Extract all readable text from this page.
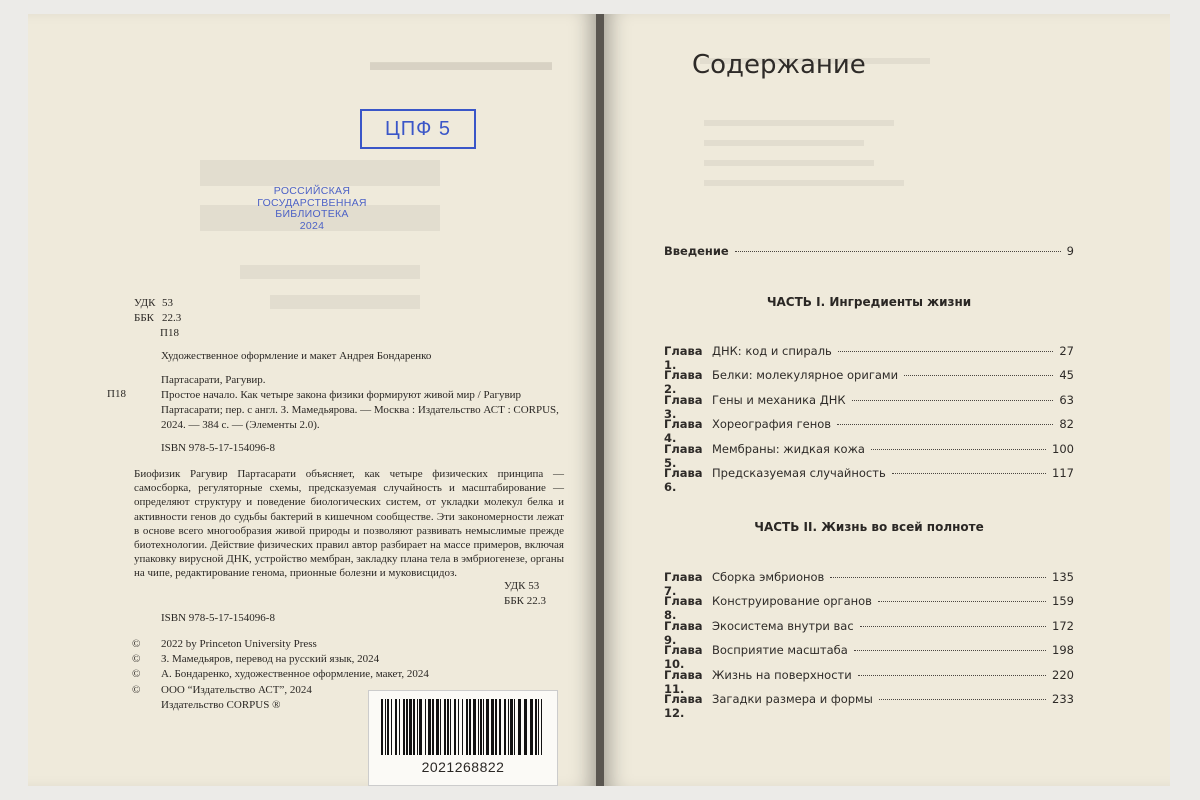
▬▬▬▬▬▬▬
ЦПФ 5
РОССИЙСКАЯ
ГОСУДАРСТВЕННАЯ
БИБЛИОТЕКА
2024
УДК 53
ББК 22.3
П18
Художественное оформление и макет Андрея Бондаренко
П18
Партасарати, Рагувир.
Простое начало. Как четыре закона физики формируют живой мир / Рагувир Партасарати; пер. с англ. З. Мамедьярова. — Москва : Издательство АСТ : CORPUS, 2024. — 384 с. — (Элементы 2.0).
ISBN 978-5-17-154096-8
Биофизик Рагувир Партасарати объясняет, как четыре физических принципа — самосборка, регуляторные схемы, предсказуемая случайность и масштабирование — определяют структуру и поведение биологических систем, от укладки молекул белка и активности генов до судьбы бактерий в кишечном сообществе. Эти закономерности лежат в основе всего многообразия живой природы и позволяют развивать немыслимые прежде биотехнологии. Действие физических правил автор разбирает на массе примеров, включая упаковку вирусной ДНК, устройство мембран, закладку плана тела в эмбриогенезе, органы на чипе, редактирование генома, прионные болезни и муковисцидоз.
УДК 53
ББК 22.3
ISBN 978-5-17-154096-8
© 2022 by Princeton University Press
© З. Мамедьяров, перевод на русский язык, 2024
© А. Бондаренко, художественное оформление, макет, 2024
© ООО “Издательство АСТ”, 2024
Издательство CORPUS ®
2021268822
Содержание
Введение	9
ЧАСТЬ I. Ингредиенты жизни
Глава 1.
ДНК: код и спираль	27
Глава 2.
Белки: молекулярное оригами	45
Глава 3.
Гены и механика ДНК	63
Глава 4.
Хореография генов	82
Глава 5.
Мембраны: жидкая кожа	100
Глава 6.
Предсказуемая случайность	117
ЧАСТЬ II. Жизнь во всей полноте
Глава 7.
Сборка эмбрионов	135
Глава 8.
Конструирование органов	159
Глава 9.
Экосистема внутри вас	172
Глава 10.
Восприятие масштаба	198
Глава 11.
Жизнь на поверхности	220
Глава 12.
Загадки размера и формы	233
